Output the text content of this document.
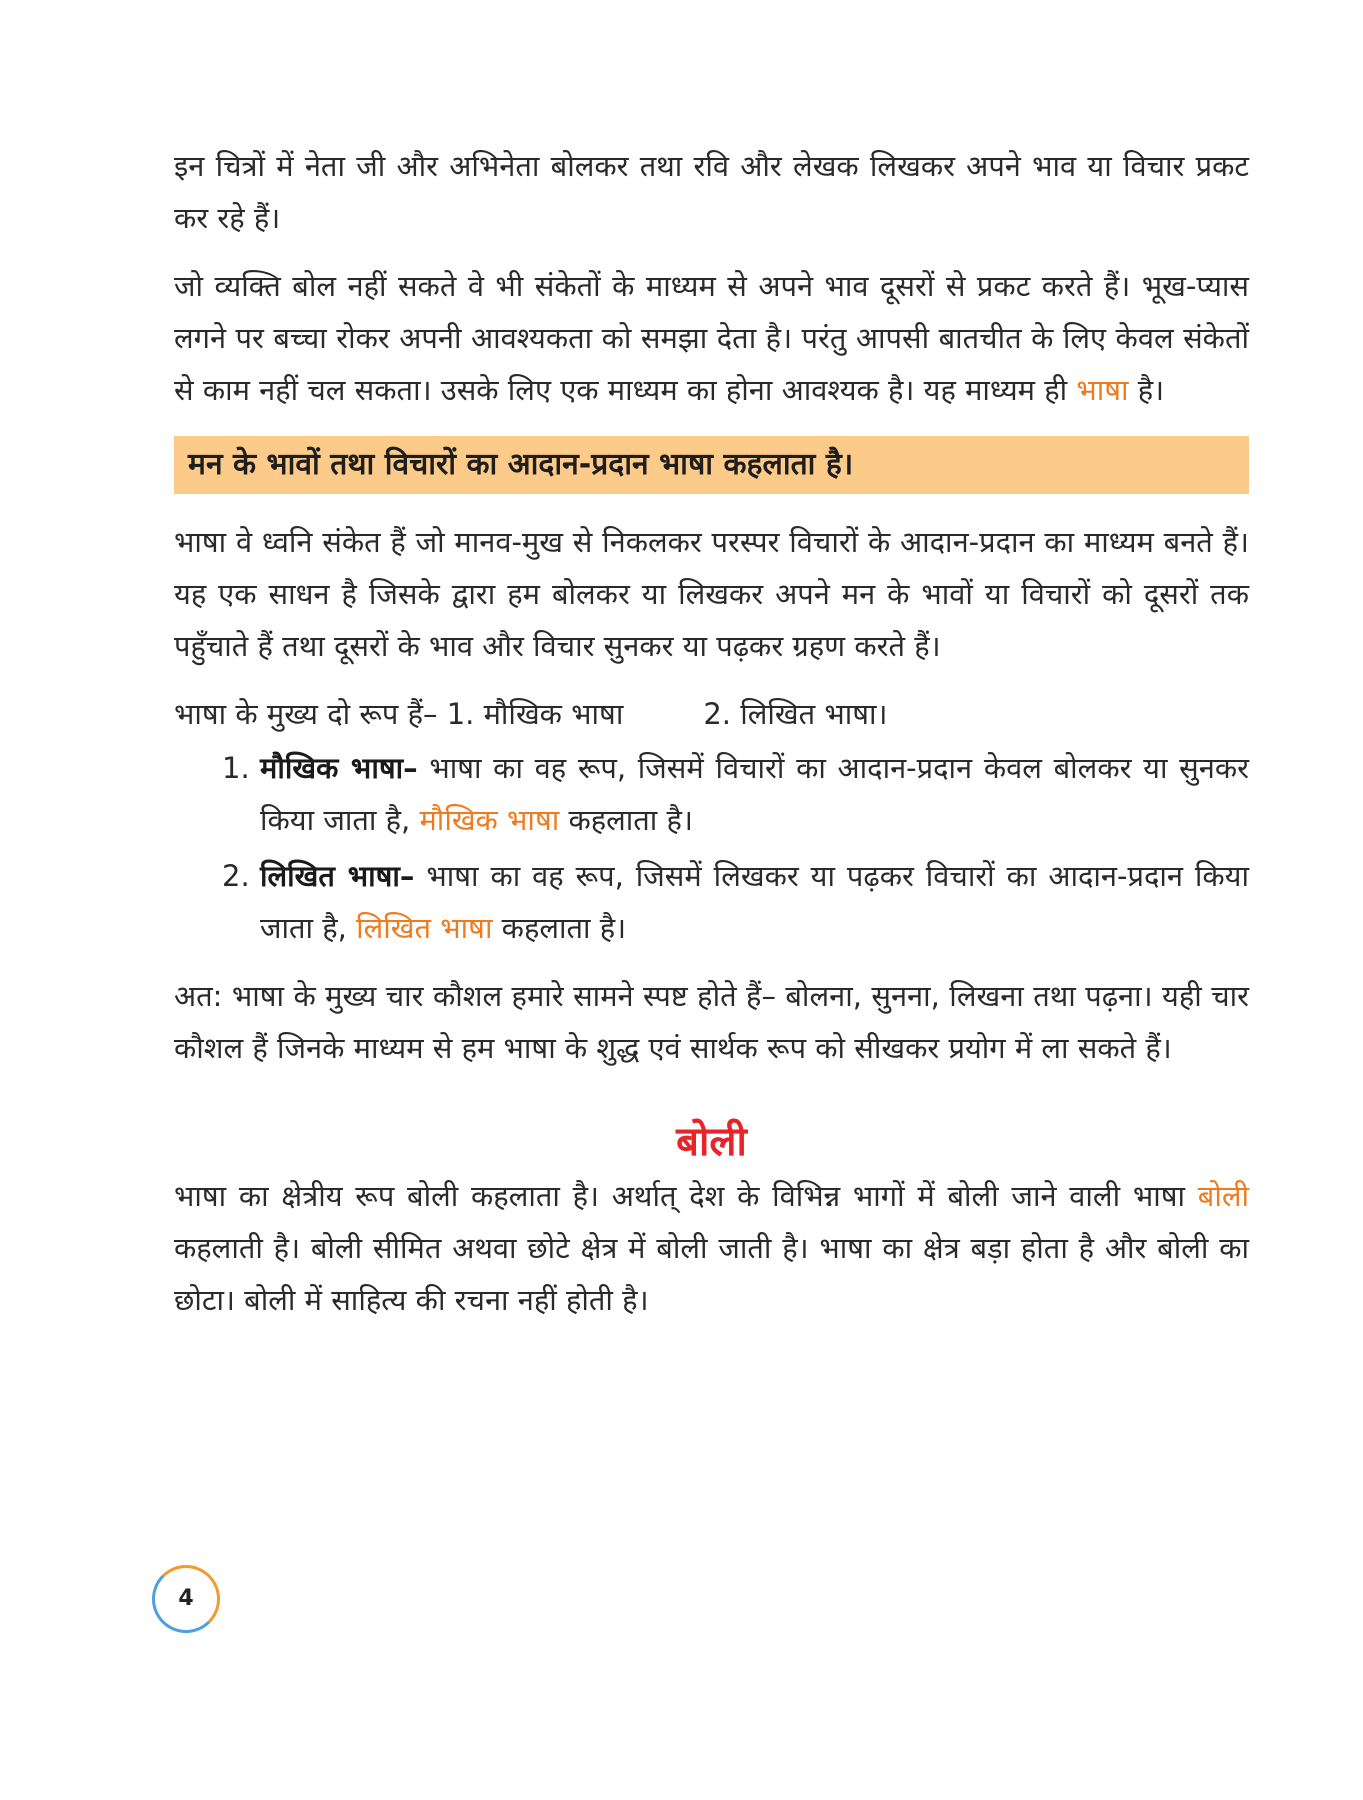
इन चित्रों में नेता जी और अभिनेता बोलकर तथा रवि और लेखक लिखकर अपने भाव या विचार प्रकट कर रहे हैं।

जो व्यक्ति बोल नहीं सकते वे भी संकेतों के माध्यम से अपने भाव दूसरों से प्रकट करते हैं। भूख-प्यास लगने पर बच्चा रोकर अपनी आवश्यकता को समझा देता है। परंतु आपसी बातचीत के लिए केवल संकेतों से काम नहीं चल सकता। उसके लिए एक माध्यम का होना आवश्यक है। यह माध्यम ही भाषा है।

मन के भावों तथा विचारों का आदान-प्रदान भाषा कहलाता है।

भाषा वे ध्वनि संकेत हैं जो मानव-मुख से निकलकर परस्पर विचारों के आदान-प्रदान का माध्यम बनते हैं। यह एक साधन है जिसके द्वारा हम बोलकर या लिखकर अपने मन के भावों या विचारों को दूसरों तक पहुँचाते हैं तथा दूसरों के भाव और विचार सुनकर या पढ़कर ग्रहण करते हैं।

भाषा के मुख्य दो रूप हैं– 1. मौखिक भाषा	2. लिखित भाषा।

1. मौखिक भाषा– भाषा का वह रूप, जिसमें विचारों का आदान-प्रदान केवल बोलकर या सुनकर किया जाता है, मौखिक भाषा कहलाता है।
2. लिखित भाषा– भाषा का वह रूप, जिसमें लिखकर या पढ़कर विचारों का आदान-प्रदान किया जाता है, लिखित भाषा कहलाता है।

अत: भाषा के मुख्य चार कौशल हमारे सामने स्पष्ट होते हैं– बोलना, सुनना, लिखना तथा पढ़ना। यही चार कौशल हैं जिनके माध्यम से हम भाषा के शुद्ध एवं सार्थक रूप को सीखकर प्रयोग में ला सकते हैं।

बोली

भाषा का क्षेत्रीय रूप बोली कहलाता है। अर्थात् देश के विभिन्न भागों में बोली जाने वाली भाषा बोली कहलाती है। बोली सीमित अथवा छोटे क्षेत्र में बोली जाती है। भाषा का क्षेत्र बड़ा होता है और बोली का छोटा। बोली में साहित्य की रचना नहीं होती है।

4
